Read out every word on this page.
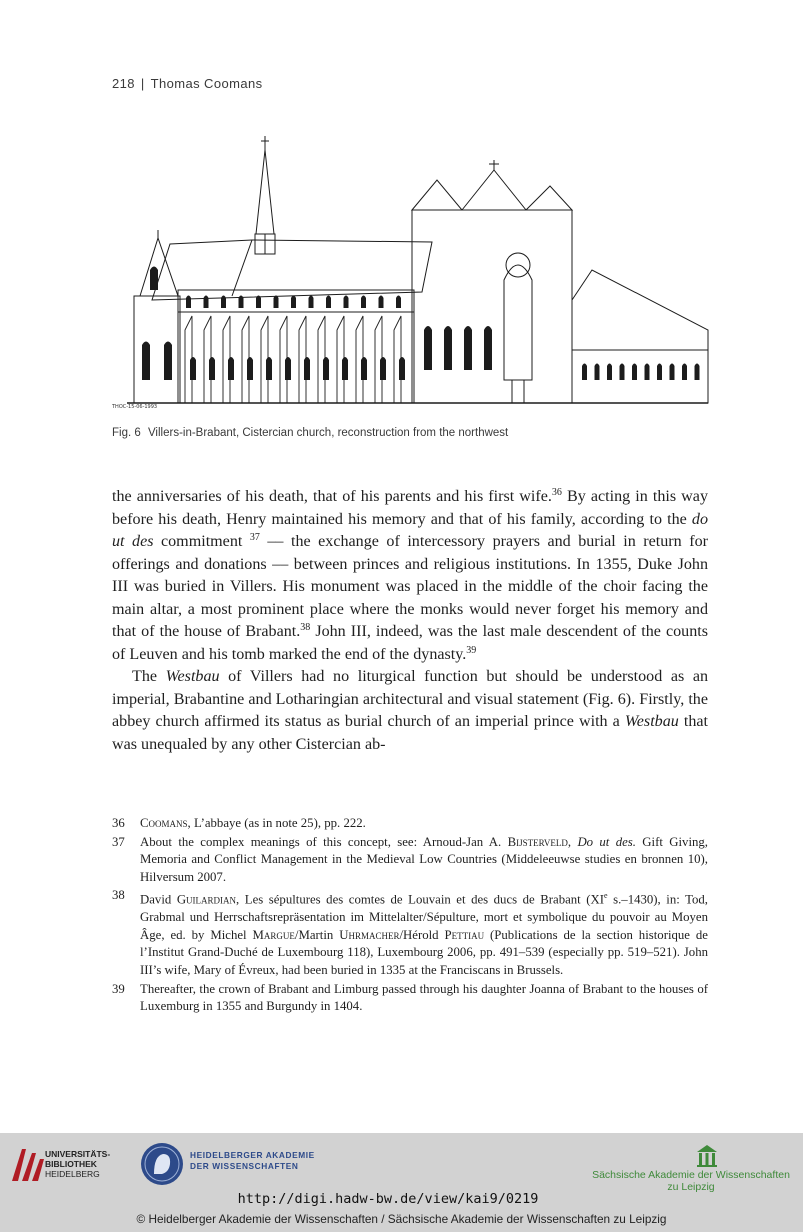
218 | Thomas Coomans
THOC-15-06-1993
Fig. 6 Villers-in-Brabant, Cistercian church, reconstruction from the northwest

the anniversaries of his death, that of his parents and his first wife.$^{36}$ By acting in this way before his death, Henry maintained his memory and that of his family, according to the do ut des commitment $^{37}$ –– the exchange of intercessory prayers and burial in return for offerings and donations –– between princes and religious institutions. In 1355, Duke John III was buried in Villers. His monument was placed in the middle of the choir facing the main altar, a most prominent place where the monks would never forget his memory and that of the house of Brabant.$^{38}$ John III, indeed, was the last male descendent of the counts of Leuven and his tomb marked the end of the dynasty.$^{39}$

The Westbau of Villers had no liturgical function but should be understood as an imperial, Brabantine and Lotharingian architectural and visual statement (Fig. 6). Firstly, the abbey church affirmed its status as burial church of an imperial prince with a Westbau that was unequaled by any other Cistercian ab-

36	Coomans, L’abbaye (as in note 25), pp. 222.
37	About the complex meanings of this concept, see: Arnoud-Jan A. Bijsterveld, Do ut des. Gift Giving, Memoria and Conflict Management in the Medieval Low Countries (Middeleeuwse studies en bronnen 10), Hilversum 2007.
38	David Guilardian, Les sépultures des comtes de Louvain et des ducs de Brabant (XIe s.–1430), in: Tod, Grabmal und Herrschaftsrepräsentation im Mittelalter/Sépulture, mort et symbolique du pouvoir au Moyen Âge, ed. by Michel Margue/Martin Uhrmacher/Hérold Pettiau (Publications de la section historique de l’Institut Grand-Duché de Luxembourg 118), Luxembourg 2006, pp. 491–539 (especially pp. 519–521). John III’s wife, Mary of Évreux, had been buried in 1335 at the Franciscans in Brussels.
39	Thereafter, the crown of Brabant and Limburg passed through his daughter Joanna of Brabant to the houses of Luxemburg in 1355 and Burgundy in 1404.
UNIVERSITÄTS-
BIBLIOTHEK
HEIDELBERG
HEIDELBERGER AKADEMIE
DER WISSENSCHAFTEN
Sächsische Akademie der Wissenschaften
zu Leipzig
http://digi.hadw-bw.de/view/kai9/0219
© Heidelberger Akademie der Wissenschaften / Sächsische Akademie der Wissenschaften zu Leipzig
